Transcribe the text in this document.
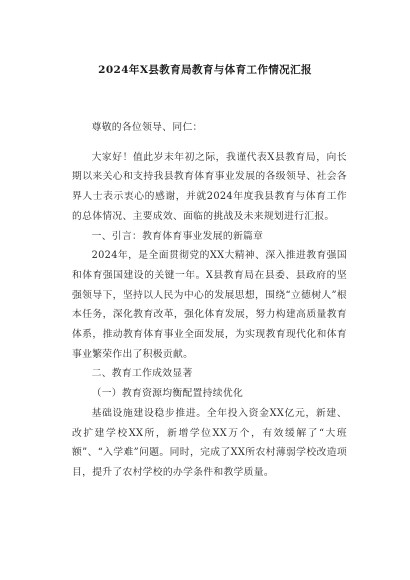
2024年X县教育局教育与体育工作情况汇报

尊敬的各位领导、同仁：

大家好！值此岁末年初之际，我谨代表X县教育局，向长期以来关心和支持我县教育体育事业发展的各级领导、社会各界人士表示衷心的感谢，并就2024年度我县教育与体育工作的总体情况、主要成效、面临的挑战及未来规划进行汇报。

一、引言：教育体育事业发展的新篇章

2024年，是全面贯彻党的XX大精神、深入推进教育强国和体育强国建设的关键一年。X县教育局在县委、县政府的坚强领导下，坚持以人民为中心的发展思想，围绕“立德树人”根本任务，深化教育改革，强化体育发展，努力构建高质量教育体系，推动教育体育事业全面发展，为实现教育现代化和体育事业繁荣作出了积极贡献。

二、教育工作成效显著

（一）教育资源均衡配置持续优化

基础设施建设稳步推进。全年投入资金XX亿元，新建、改扩建学校XX所，新增学位XX万个，有效缓解了“大班额”、“入学难”问题。同时，完成了XX所农村薄弱学校改造项目，提升了农村学校的办学条件和教学质量。
